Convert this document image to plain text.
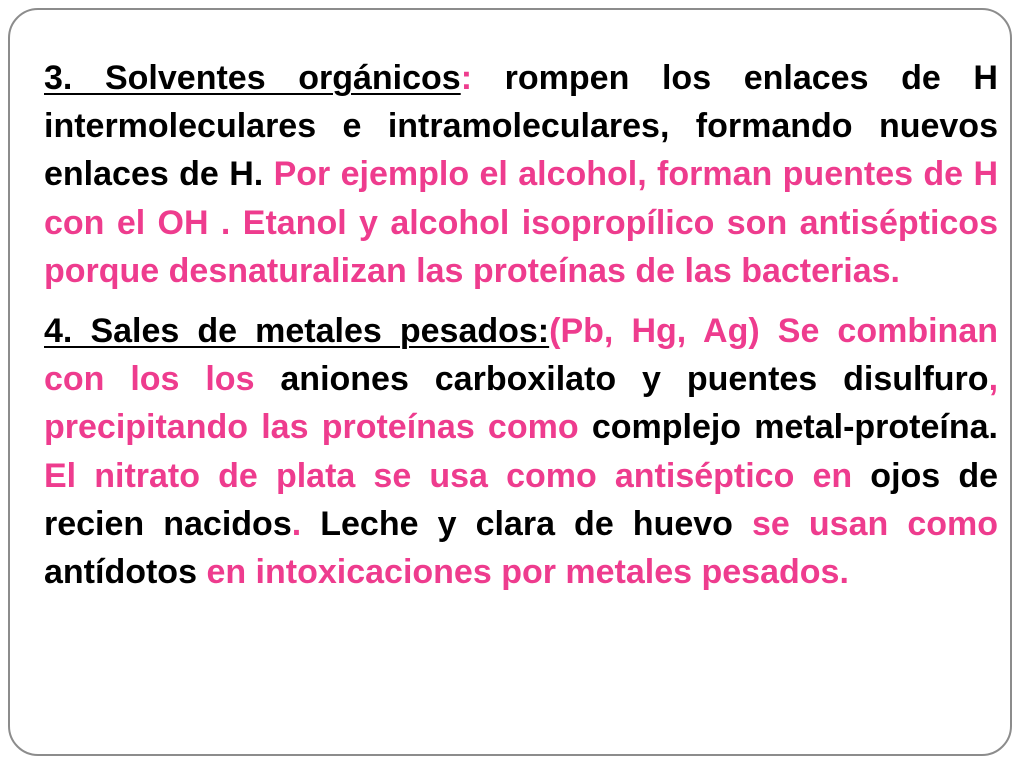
3. Solventes orgánicos: rompen los enlaces de H intermoleculares e intramoleculares, formando nuevos enlaces de H. Por ejemplo el alcohol, forman puentes de H con el OH . Etanol y alcohol isopropílico son antisépticos porque desnaturalizan las proteínas de las bacterias.

4. Sales de metales pesados:(Pb, Hg, Ag) Se combinan con los los aniones carboxilato y puentes disulfuro, precipitando las proteínas como complejo metal-proteína. El nitrato de plata se usa como antiséptico en ojos de recien nacidos. Leche y clara de huevo se usan como antídotos en intoxicaciones por metales pesados.
